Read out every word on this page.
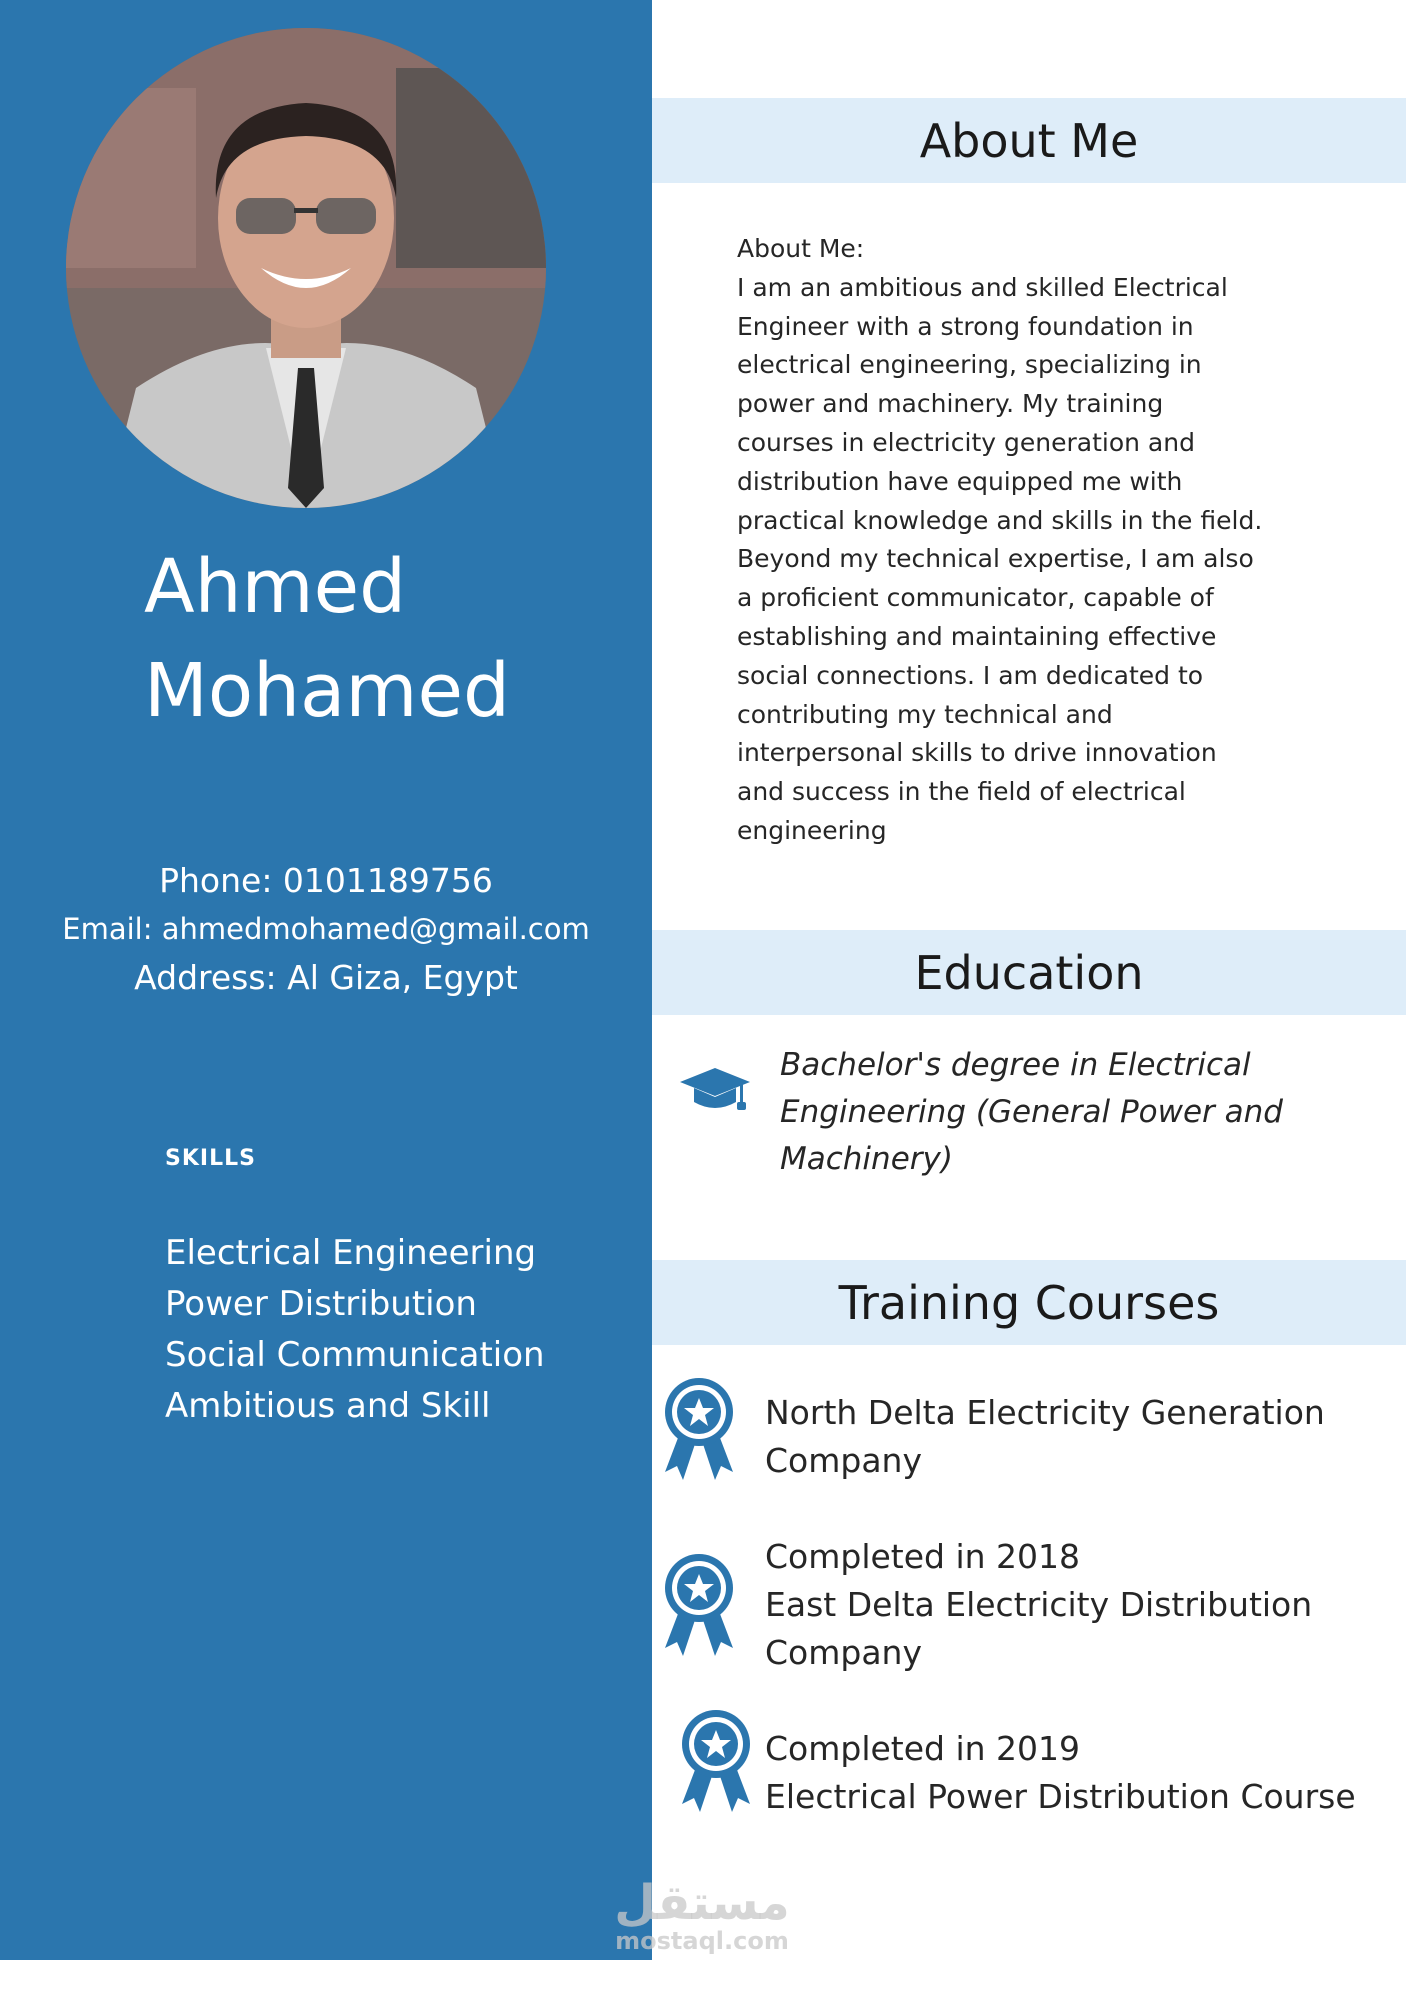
Ahmed
Mohamed
Phone: 0101189756
Email: ahmedmohamed@gmail.com
Address: Al Giza, Egypt
SKILLS
Electrical Engineering
Power Distribution
Social Communication
Ambitious and Skill
About Me
About Me:
I am an ambitious and skilled Electrical
Engineer with a strong foundation in
electrical engineering, specializing in
power and machinery. My training
courses in electricity generation and
distribution have equipped me with
practical knowledge and skills in the field.
Beyond my technical expertise, I am also
a proficient communicator, capable of
establishing and maintaining effective
social connections. I am dedicated to
contributing my technical and
interpersonal skills to drive innovation
and success in the field of electrical
engineering
Education
Bachelor's degree in Electrical Engineering (General Power and Machinery)
Training Courses
North Delta Electricity Generation
Company
Completed in 2018
East Delta Electricity Distribution
Company
Completed in 2019
Electrical Power Distribution Course
مستقل
mostaql.com
